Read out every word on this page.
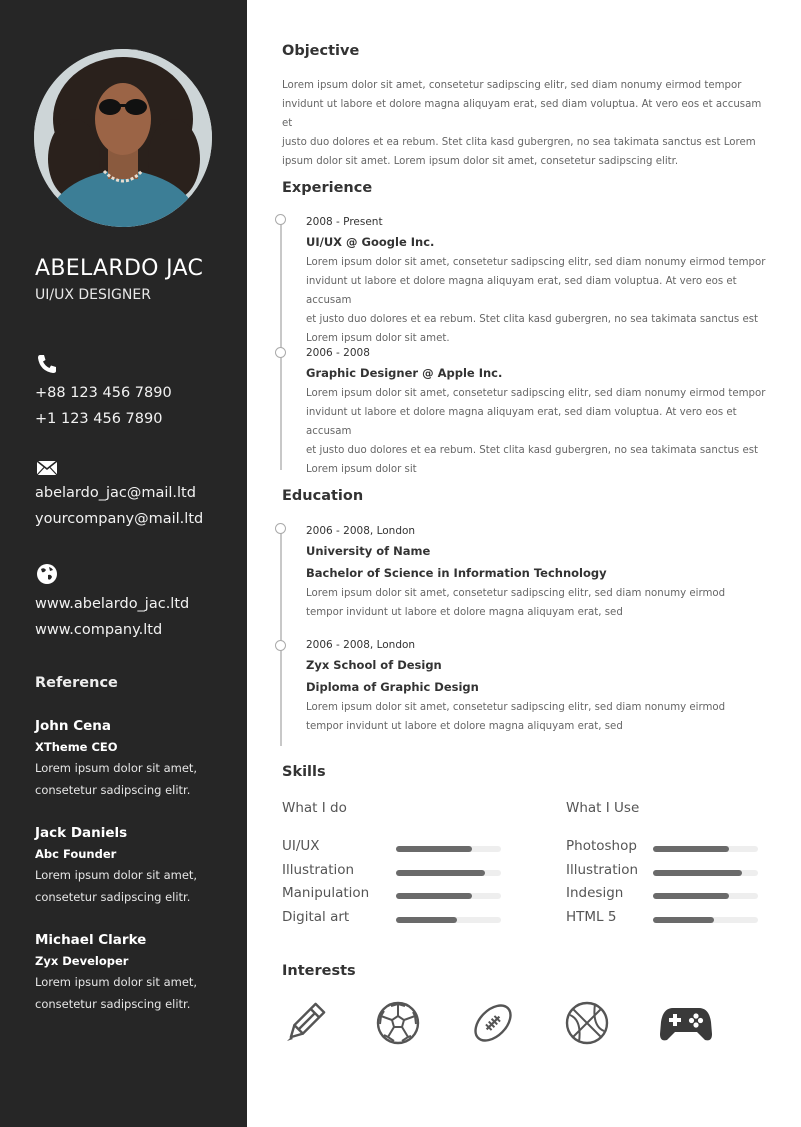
ABELARDO JAC
UI/UX DESIGNER
+88 123 456 7890
+1 123 456 7890
abelardo_jac@mail.ltd
yourcompany@mail.ltd
www.abelardo_jac.ltd
www.company.ltd
Reference
John Cena
XTheme CEO
Lorem ipsum dolor sit amet,
consetetur sadipscing elitr.
Jack Daniels
Abc Founder
Lorem ipsum dolor sit amet,
consetetur sadipscing elitr.
Michael Clarke
Zyx Developer
Lorem ipsum dolor sit amet,
consetetur sadipscing elitr.
Objective
Lorem ipsum dolor sit amet, consetetur sadipscing elitr, sed diam nonumy eirmod tempor
invidunt ut labore et dolore magna aliquyam erat, sed diam voluptua. At vero eos et accusam et
justo duo dolores et ea rebum. Stet clita kasd gubergren, no sea takimata sanctus est Lorem
ipsum dolor sit amet. Lorem ipsum dolor sit amet, consetetur sadipscing elitr.
Experience
2008 - Present
UI/UX @ Google Inc.
Lorem ipsum dolor sit amet, consetetur sadipscing elitr, sed diam nonumy eirmod tempor
invidunt ut labore et dolore magna aliquyam erat, sed diam voluptua. At vero eos et accusam
et justo duo dolores et ea rebum. Stet clita kasd gubergren, no sea takimata sanctus est
Lorem ipsum dolor sit amet.
2006 - 2008
Graphic Designer @ Apple Inc.
Lorem ipsum dolor sit amet, consetetur sadipscing elitr, sed diam nonumy eirmod tempor
invidunt ut labore et dolore magna aliquyam erat, sed diam voluptua. At vero eos et accusam
et justo duo dolores et ea rebum. Stet clita kasd gubergren, no sea takimata sanctus est
Lorem ipsum dolor sit
Education
2006 - 2008, London
University of Name
Bachelor of Science in Information Technology
Lorem ipsum dolor sit amet, consetetur sadipscing elitr, sed diam nonumy eirmod
tempor invidunt ut labore et dolore magna aliquyam erat, sed
2006 - 2008, London
Zyx School of Design
Diploma of Graphic Design
Lorem ipsum dolor sit amet, consetetur sadipscing elitr, sed diam nonumy eirmod
tempor invidunt ut labore et dolore magna aliquyam erat, sed
Skills
What I do	What I Use
UI/UX
Illustration
Manipulation
Digital art
Photoshop
Illustration
Indesign
HTML 5
Interests
